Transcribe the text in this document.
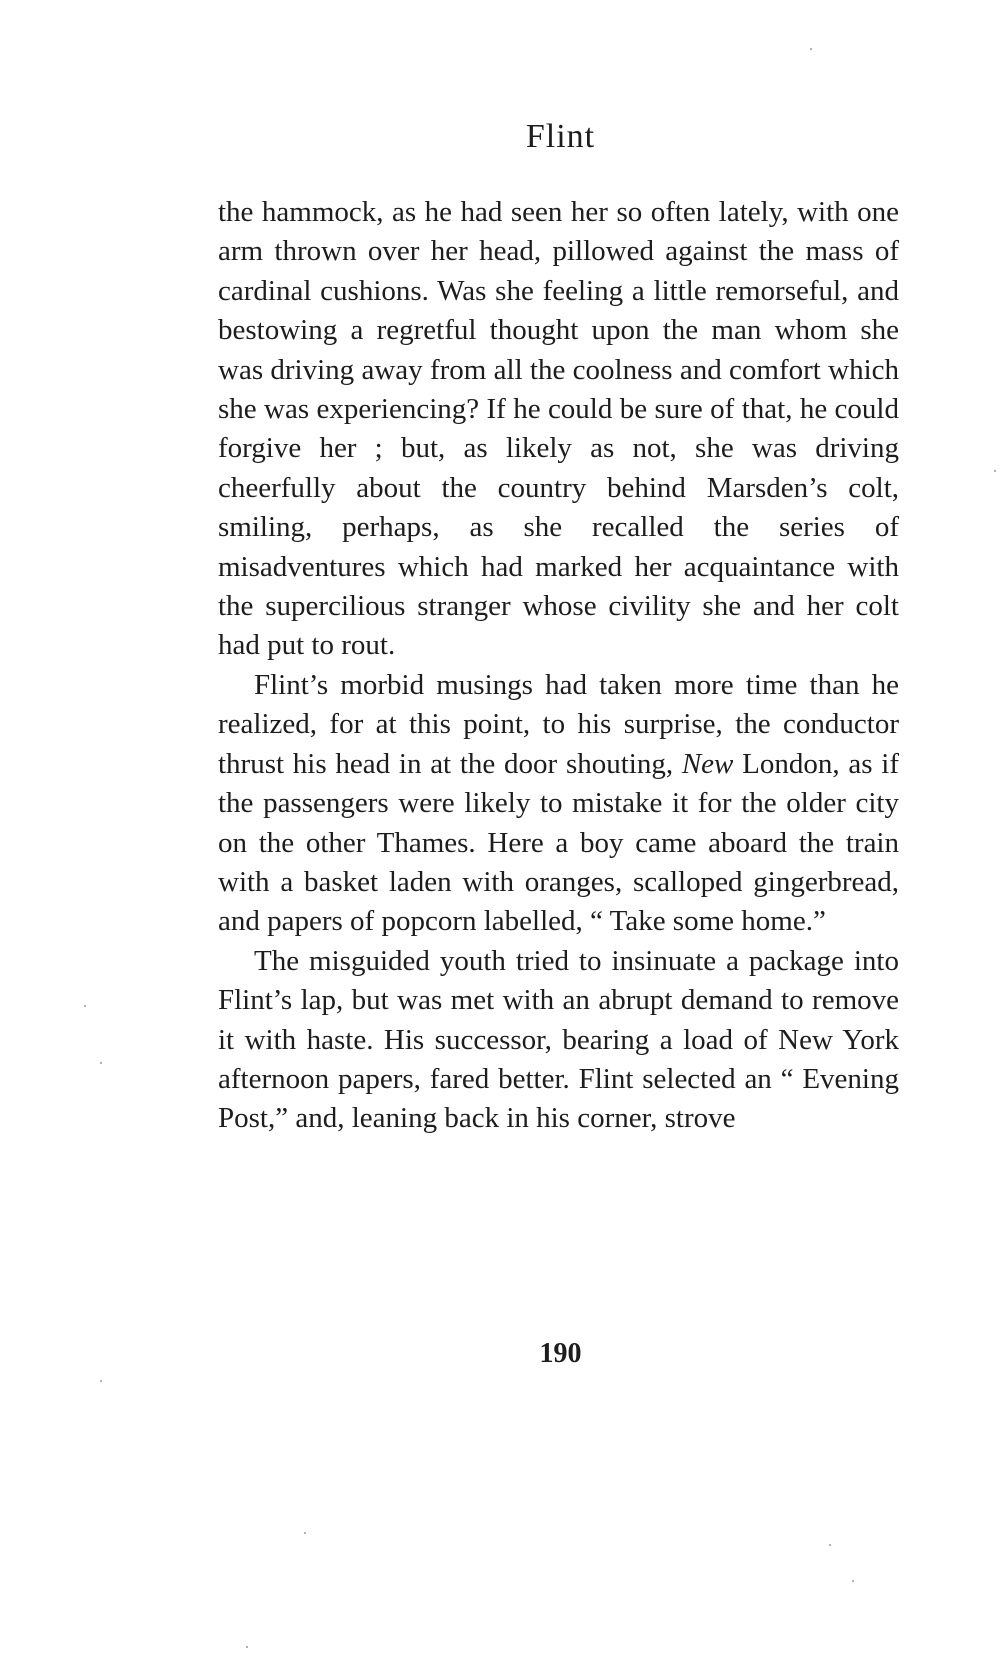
Flint

the hammock, as he had seen her so often lately, with one arm thrown over her head, pillowed against the mass of cardinal cushions. Was she feeling a little remorseful, and bestowing a regretful thought upon the man whom she was driving away from all the coolness and comfort which she was experiencing? If he could be sure of that, he could forgive her ; but, as likely as not, she was driving cheerfully about the country behind Marsden’s colt, smiling, perhaps, as she recalled the series of misadventures which had marked her acquaintance with the supercilious stranger whose civility she and her colt had put to rout.

Flint’s morbid musings had taken more time than he realized, for at this point, to his surprise, the conductor thrust his head in at the door shouting, New London, as if the passengers were likely to mistake it for the older city on the other Thames. Here a boy came aboard the train with a basket laden with oranges, scalloped gingerbread, and papers of popcorn labelled, “ Take some home.”

The misguided youth tried to insinuate a package into Flint’s lap, but was met with an abrupt demand to remove it with haste. His successor, bearing a load of New York afternoon papers, fared better. Flint selected an “ Evening Post,” and, leaning back in his corner, strove

190
